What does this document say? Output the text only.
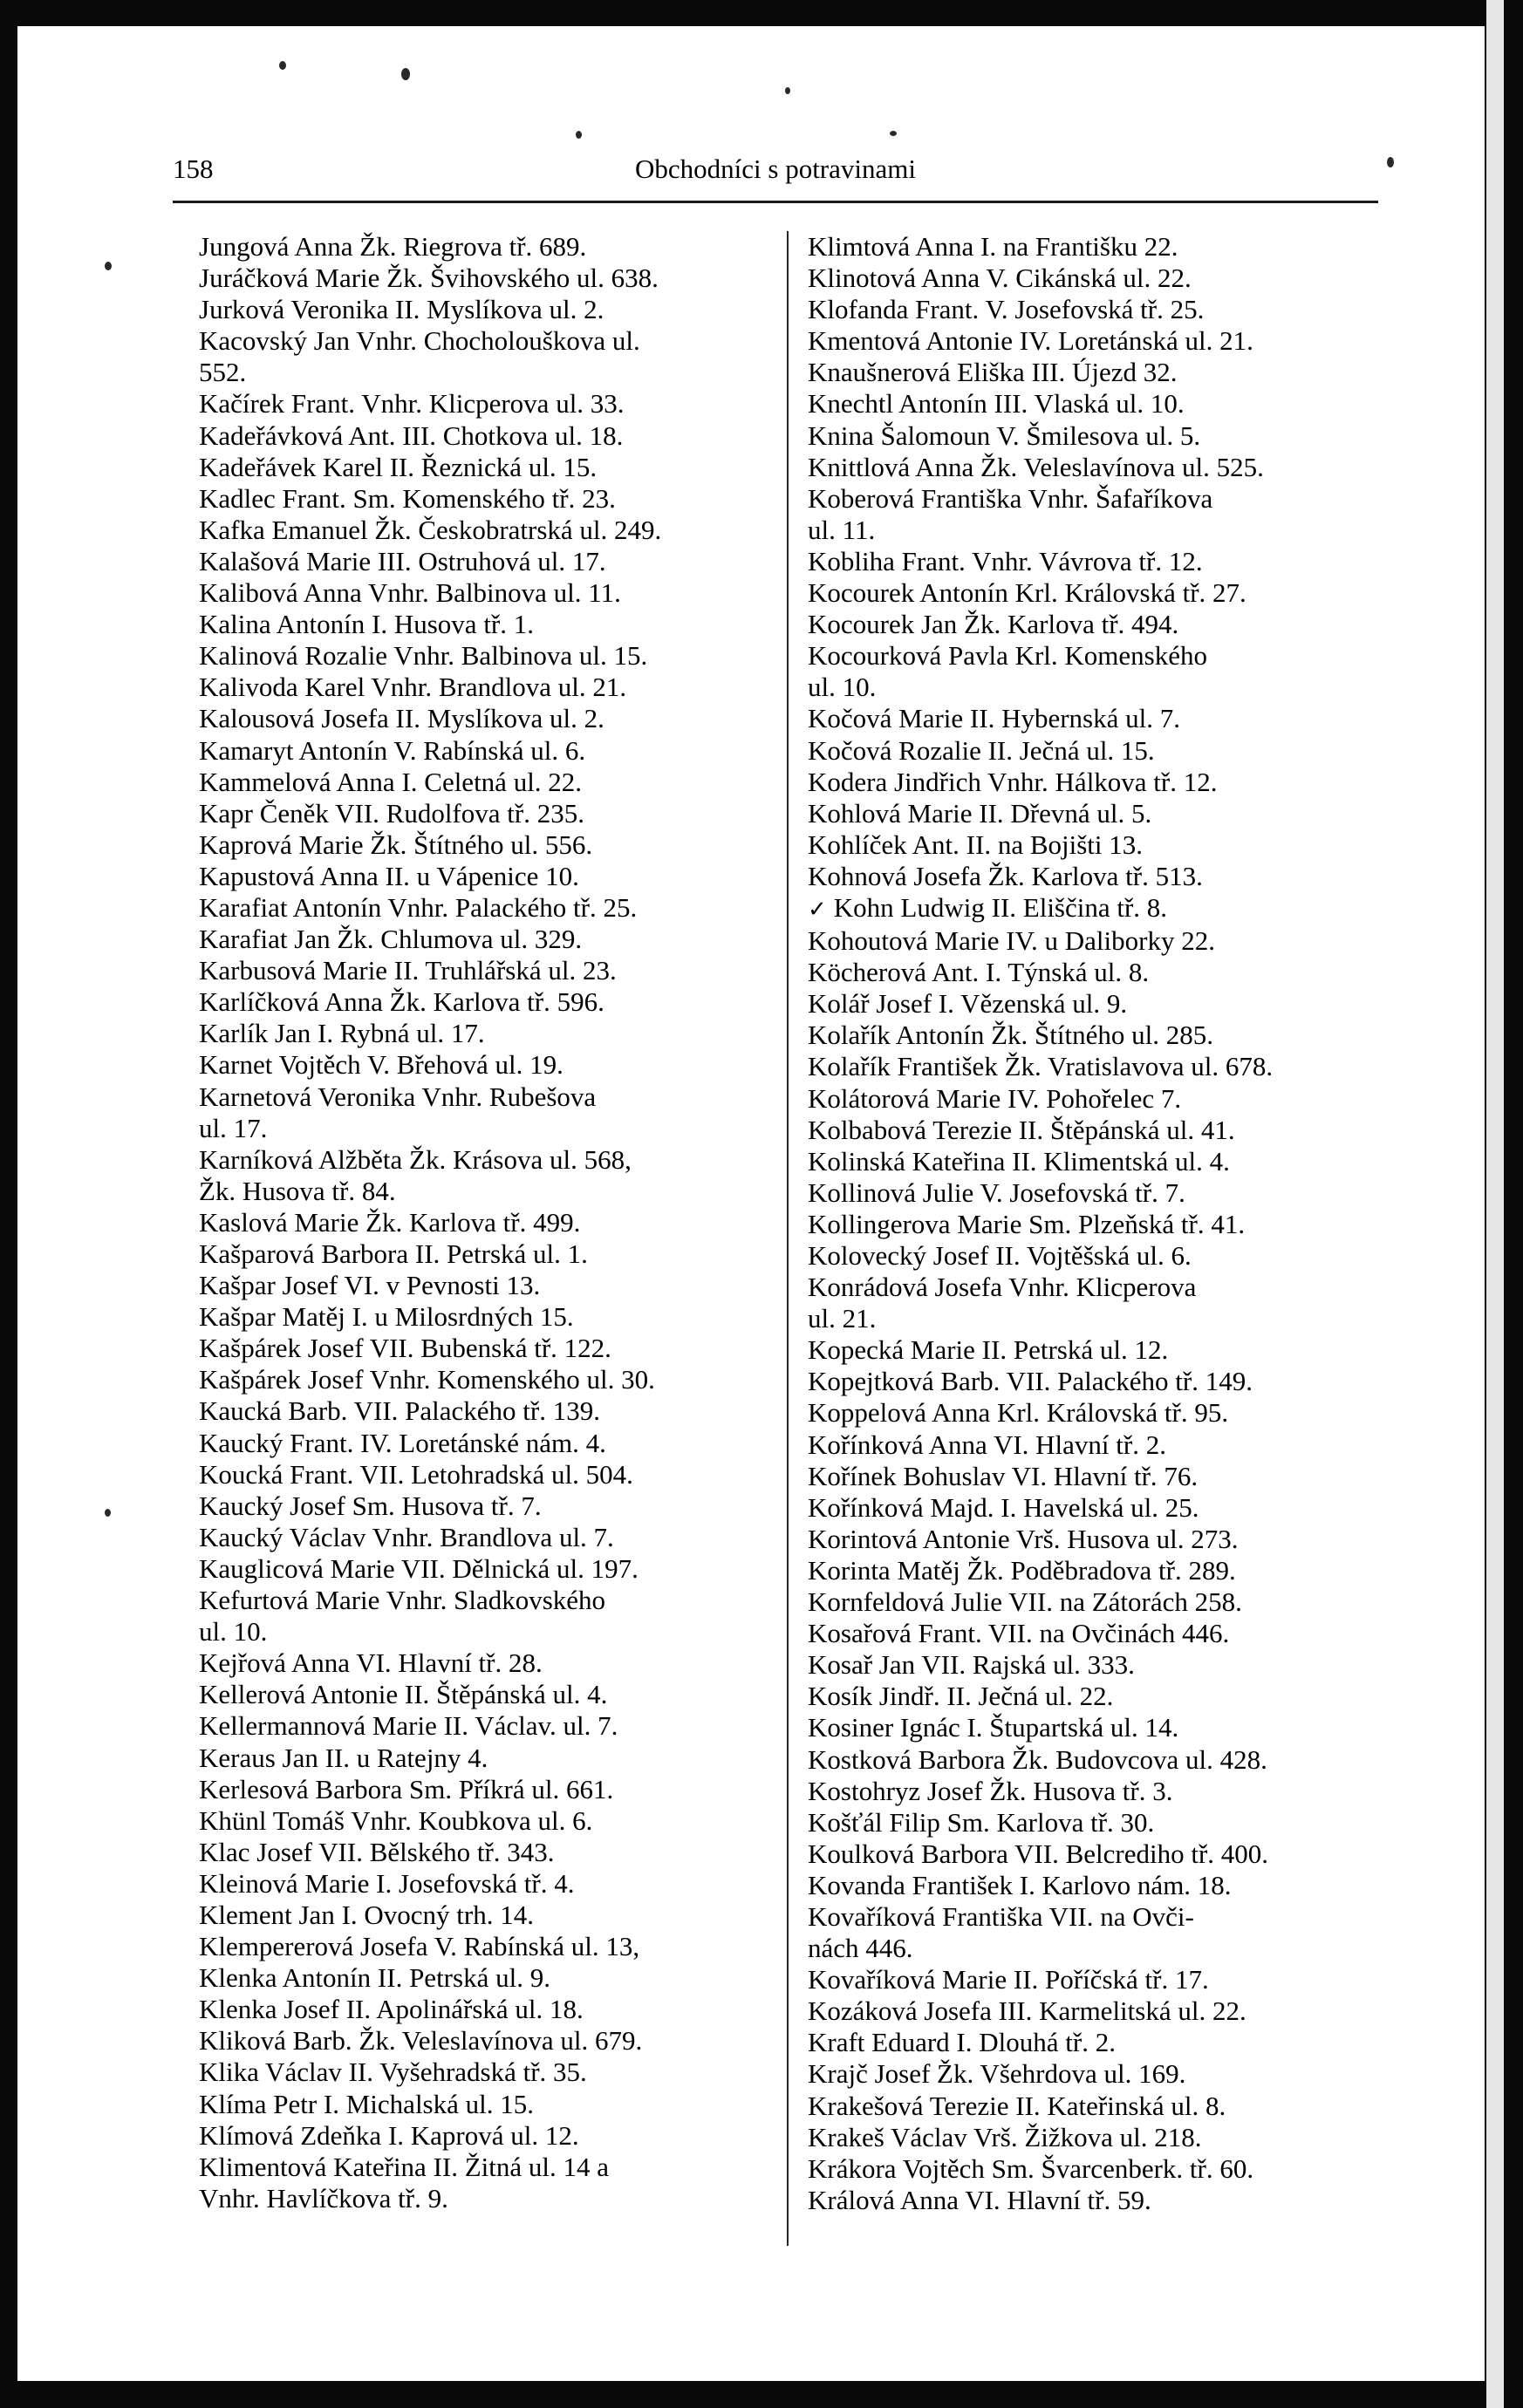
158	Obchodníci s potravinami
Jungová Anna Žk. Riegrova tř. 689.
Juráčková Marie Žk. Švihovského ul. 638.
Jurková Veronika II. Myslíkova ul. 2.
Kacovský Jan Vnhr. Chocholouškova ul.
552.
Kačírek Frant. Vnhr. Klicperova ul. 33.
Kadeřávková Ant. III. Chotkova ul. 18.
Kadeřávek Karel II. Řeznická ul. 15.
Kadlec Frant. Sm. Komenského tř. 23.
Kafka Emanuel Žk. Českobratrská ul. 249.
Kalašová Marie III. Ostruhová ul. 17.
Kalibová Anna Vnhr. Balbinova ul. 11.
Kalina Antonín I. Husova tř. 1.
Kalinová Rozalie Vnhr. Balbinova ul. 15.
Kalivoda Karel Vnhr. Brandlova ul. 21.
Kalousová Josefa II. Myslíkova ul. 2.
Kamaryt Antonín V. Rabínská ul. 6.
Kammelová Anna I. Celetná ul. 22.
Kapr Čeněk VII. Rudolfova tř. 235.
Kaprová Marie Žk. Štítného ul. 556.
Kapustová Anna II. u Vápenice 10.
Karafiat Antonín Vnhr. Palackého tř. 25.
Karafiat Jan Žk. Chlumova ul. 329.
Karbusová Marie II. Truhlářská ul. 23.
Karlíčková Anna Žk. Karlova tř. 596.
Karlík Jan I. Rybná ul. 17.
Karnet Vojtěch V. Břehová ul. 19.
Karnetová Veronika Vnhr. Rubešova
ul. 17.
Karníková Alžběta Žk. Krásova ul. 568,
Žk. Husova tř. 84.
Kaslová Marie Žk. Karlova tř. 499.
Kašparová Barbora II. Petrská ul. 1.
Kašpar Josef VI. v Pevnosti 13.
Kašpar Matěj I. u Milosrdných 15.
Kašpárek Josef VII. Bubenská tř. 122.
Kašpárek Josef Vnhr. Komenského ul. 30.
Kaucká Barb. VII. Palackého tř. 139.
Kaucký Frant. IV. Loretánské nám. 4.
Koucká Frant. VII. Letohradská ul. 504.
Kaucký Josef Sm. Husova tř. 7.
Kaucký Václav Vnhr. Brandlova ul. 7.
Kauglicová Marie VII. Dělnická ul. 197.
Kefurtová Marie Vnhr. Sladkovského
ul. 10.
Kejřová Anna VI. Hlavní tř. 28.
Kellerová Antonie II. Štěpánská ul. 4.
Kellermannová Marie II. Václav. ul. 7.
Keraus Jan II. u Ratejny 4.
Kerlesová Barbora Sm. Příkrá ul. 661.
Khünl Tomáš Vnhr. Koubkova ul. 6.
Klac Josef VII. Bělského tř. 343.
Kleinová Marie I. Josefovská tř. 4.
Klement Jan I. Ovocný trh. 14.
Klempererová Josefa V. Rabínská ul. 13,
Klenka Antonín II. Petrská ul. 9.
Klenka Josef II. Apolinářská ul. 18.
Kliková Barb. Žk. Veleslavínova ul. 679.
Klika Václav II. Vyšehradská tř. 35.
Klíma Petr I. Michalská ul. 15.
Klímová Zdeňka I. Kaprová ul. 12.
Klimentová Kateřina II. Žitná ul. 14 a
Vnhr. Havlíčkova tř. 9.
Klimtová Anna I. na Františku 22.
Klinotová Anna V. Cikánská ul. 22.
Klofanda Frant. V. Josefovská tř. 25.
Kmentová Antonie IV. Loretánská ul. 21.
Knaušnerová Eliška III. Újezd 32.
Knechtl Antonín III. Vlaská ul. 10.
Knina Šalomoun V. Šmilesova ul. 5.
Knittlová Anna Žk. Veleslavínova ul. 525.
Koberová Františka Vnhr. Šafaříkova
ul. 11.
Kobliha Frant. Vnhr. Vávrova tř. 12.
Kocourek Antonín Krl. Královská tř. 27.
Kocourek Jan Žk. Karlova tř. 494.
Kocourková Pavla Krl. Komenského
ul. 10.
Kočová Marie II. Hybernská ul. 7.
Kočová Rozalie II. Ječná ul. 15.
Kodera Jindřich Vnhr. Hálkova tř. 12.
Kohlová Marie II. Dřevná ul. 5.
Kohlíček Ant. II. na Bojišti 13.
Kohnová Josefa Žk. Karlova tř. 513.
✓ Kohn Ludwig II. Eliščina tř. 8.
Kohoutová Marie IV. u Daliborky 22.
Köcherová Ant. I. Týnská ul. 8.
Kolář Josef I. Vězenská ul. 9.
Kolařík Antonín Žk. Štítného ul. 285.
Kolařík František Žk. Vratislavova ul. 678.
Kolátorová Marie IV. Pohořelec 7.
Kolbabová Terezie II. Štěpánská ul. 41.
Kolinská Kateřina II. Klimentská ul. 4.
Kollinová Julie V. Josefovská tř. 7.
Kollingerova Marie Sm. Plzeňská tř. 41.
Kolovecký Josef II. Vojtěšská ul. 6.
Konrádová Josefa Vnhr. Klicperova
ul. 21.
Kopecká Marie II. Petrská ul. 12.
Kopejtková Barb. VII. Palackého tř. 149.
Koppelová Anna Krl. Královská tř. 95.
Kořínková Anna VI. Hlavní tř. 2.
Kořínek Bohuslav VI. Hlavní tř. 76.
Kořínková Majd. I. Havelská ul. 25.
Korintová Antonie Vrš. Husova ul. 273.
Korinta Matěj Žk. Poděbradova tř. 289.
Kornfeldová Julie VII. na Zátorách 258.
Kosařová Frant. VII. na Ovčinách 446.
Kosař Jan VII. Rajská ul. 333.
Kosík Jindř. II. Ječná ul. 22.
Kosiner Ignác I. Štupartská ul. 14.
Kostková Barbora Žk. Budovcova ul. 428.
Kostohryz Josef Žk. Husova tř. 3.
Košťál Filip Sm. Karlova tř. 30.
Koulková Barbora VII. Belcrediho tř. 400.
Kovanda František I. Karlovo nám. 18.
Kovaříková Františka VII. na Ovči-
nách 446.
Kovaříková Marie II. Poříčská tř. 17.
Kozáková Josefa III. Karmelitská ul. 22.
Kraft Eduard I. Dlouhá tř. 2.
Krajč Josef Žk. Všehrdova ul. 169.
Krakešová Terezie II. Kateřinská ul. 8.
Krakeš Václav Vrš. Žižkova ul. 218.
Krákora Vojtěch Sm. Švarcenberk. tř. 60.
Králová Anna VI. Hlavní tř. 59.
